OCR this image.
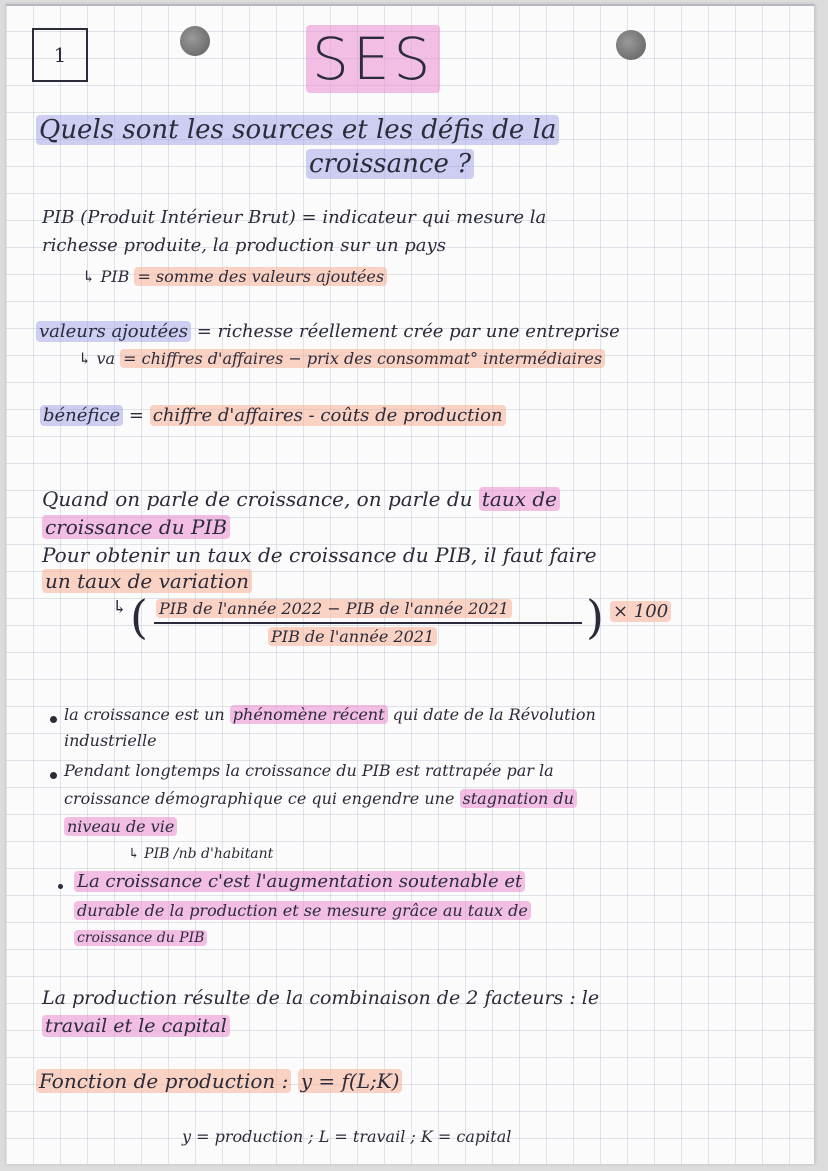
1	SES
Quels sont les sources et les défis de la
croissance ?
PIB (Produit Intérieur Brut) = indicateur qui mesure la
richesse produite, la production sur un pays
↳ PIB = somme des valeurs ajoutées
valeurs ajoutées = richesse réellement crée par une entreprise
↳ va = chiffres d'affaires − prix des consommat° intermédiaires
bénéfice = chiffre d'affaires - coûts de production
Quand on parle de croissance, on parle du taux de
croissance du PIB
Pour obtenir un taux de croissance du PIB, il faut faire
un taux de variation
↳ ( PIB de l'année 2022 − PIB de l'année 2021
PIB de l'année 2021	) × 100
la croissance est un phénomène récent qui date de la Révolution
industrielle
Pendant longtemps la croissance du PIB est rattrapée par la
croissance démographique ce qui engendre une stagnation du
niveau de vie
↳ PIB /nb d'habitant
La croissance c'est l'augmentation soutenable et
durable de la production et se mesure grâce au taux de
croissance du PIB
La production résulte de la combinaison de 2 facteurs : le
travail et le capital
Fonction de production : y = f(L;K)
y = production ; L = travail ; K = capital
